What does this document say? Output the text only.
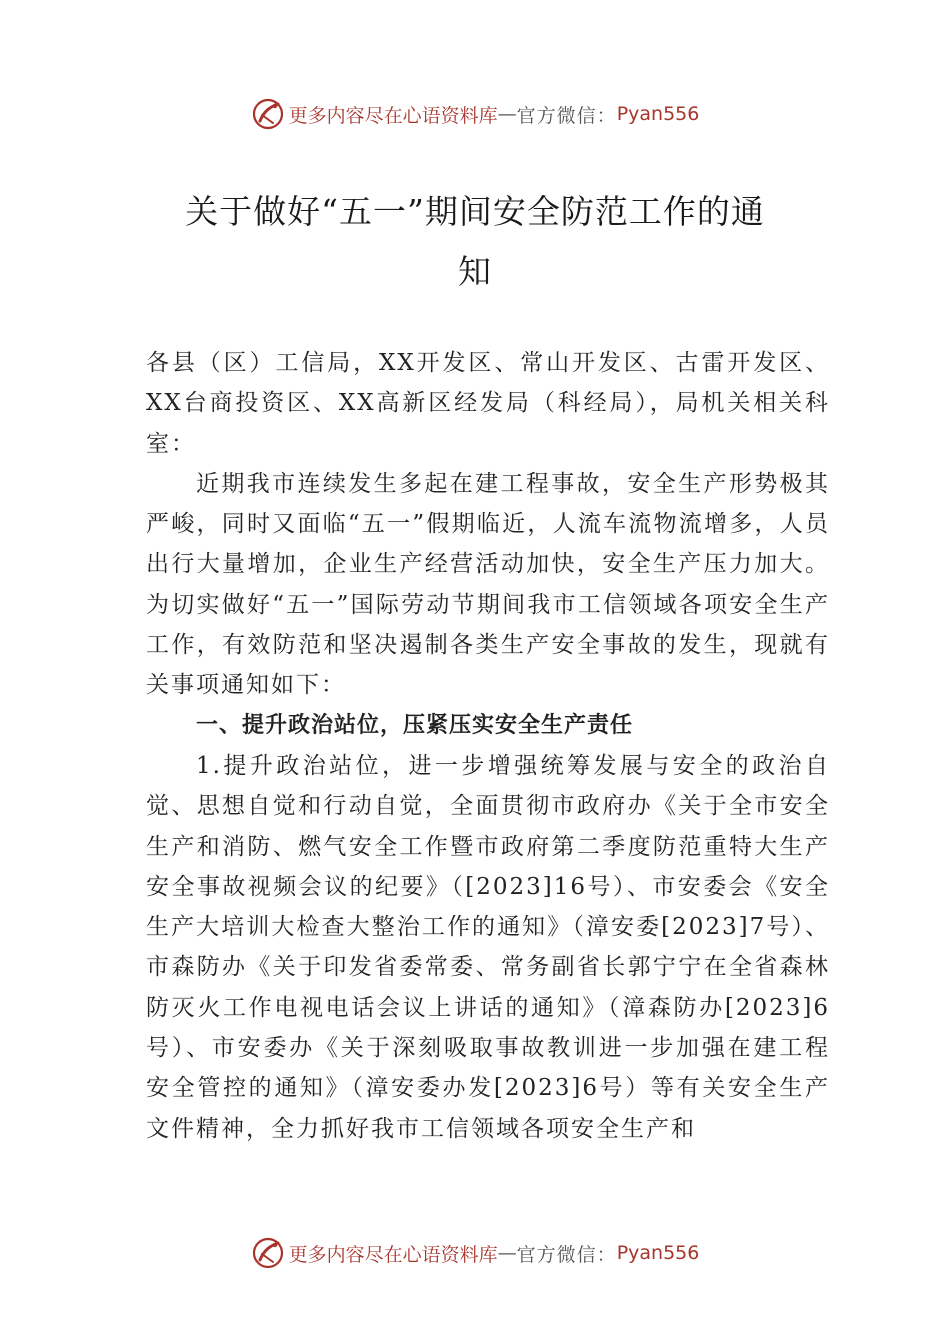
更多内容尽在心语资料库 — 官方微信： Pyan556
关于做好“五一”期间安全防范工作的通
知

各县（区）工信局，XX开发区、常山开发区、古雷开发区、XX台商投资区、XX高新区经发局（科经局），局机关相关科室：

近期我市连续发生多起在建工程事故，安全生产形势极其严峻，同时又面临“五一”假期临近，人流车流物流增多，人员出行大量增加，企业生产经营活动加快，安全生产压力加大。为切实做好“五一”国际劳动节期间我市工信领域各项安全生产工作，有效防范和坚决遏制各类生产安全事故的发生，现就有关事项通知如下：

一、提升政治站位，压紧压实安全生产责任

1.提升政治站位，进一步增强统筹发展与安全的政治自觉、思想自觉和行动自觉，全面贯彻市政府办《关于全市安全生产和消防、燃气安全工作暨市政府第二季度防范重特大生产安全事故视频会议的纪要》（[2023]16号）、市安委会《安全生产大培训大检查大整治工作的通知》（漳安委[2023]7号）、市森防办《关于印发省委常委、常务副省长郭宁宁在全省森林防灭火工作电视电话会议上讲话的通知》（漳森防办[2023]6号）、市安委办《关于深刻吸取事故教训进一步加强在建工程安全管控的通知》（漳安委办发[2023]6号）等有关安全生产文件精神，全力抓好我市工信领域各项安全生产和

更多内容尽在心语资料库 — 官方微信： Pyan556
